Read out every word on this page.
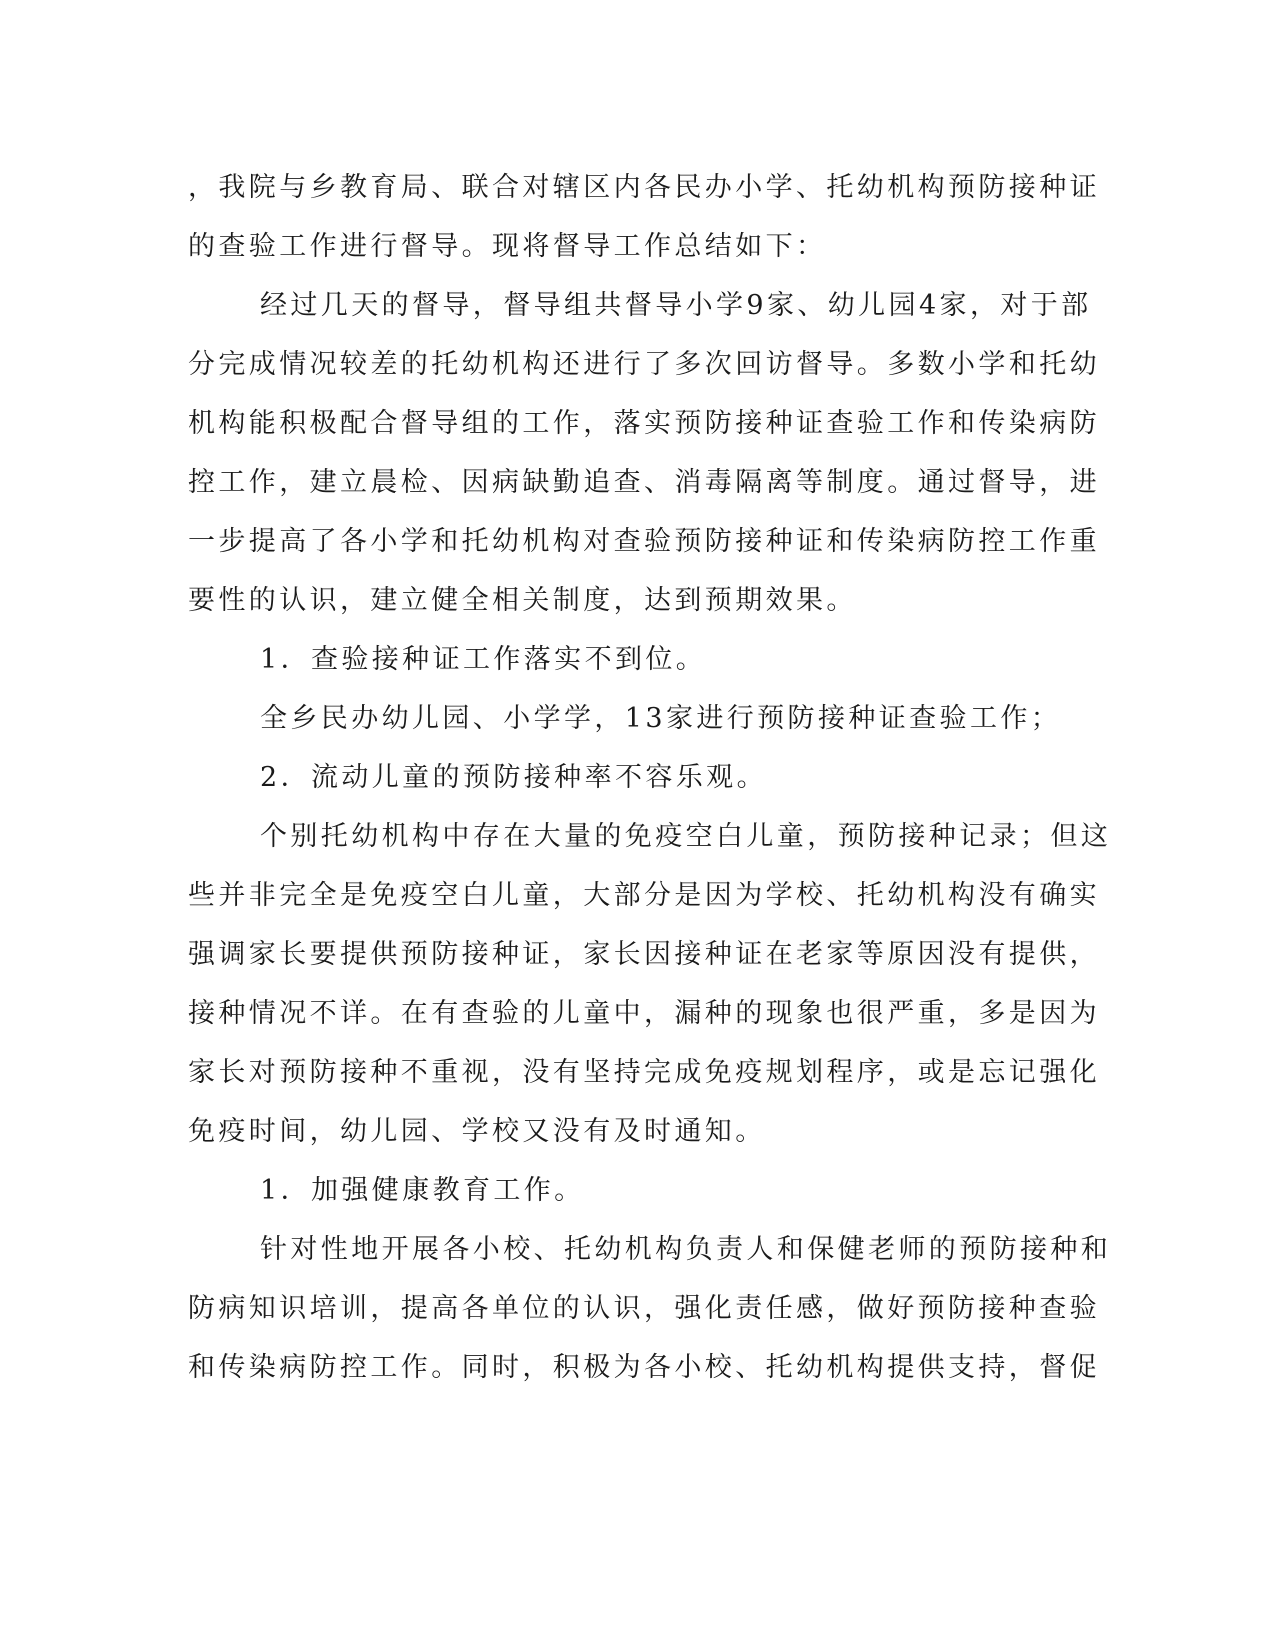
，我院与乡教育局、联合对辖区内各民办小学、托幼机构预防接种证
的查验工作进行督导。现将督导工作总结如下：
经过几天的督导，督导组共督导小学9家、幼儿园4家，对于部
分完成情况较差的托幼机构还进行了多次回访督导。多数小学和托幼
机构能积极配合督导组的工作，落实预防接种证查验工作和传染病防
控工作，建立晨检、因病缺勤追查、消毒隔离等制度。通过督导，进
一步提高了各小学和托幼机构对查验预防接种证和传染病防控工作重
要性的认识，建立健全相关制度，达到预期效果。
1．查验接种证工作落实不到位。
全乡民办幼儿园、小学学，13家进行预防接种证查验工作；
2．流动儿童的预防接种率不容乐观。
个别托幼机构中存在大量的免疫空白儿童，预防接种记录；但这
些并非完全是免疫空白儿童，大部分是因为学校、托幼机构没有确实
强调家长要提供预防接种证，家长因接种证在老家等原因没有提供，
接种情况不详。在有查验的儿童中，漏种的现象也很严重，多是因为
家长对预防接种不重视，没有坚持完成免疫规划程序，或是忘记强化
免疫时间，幼儿园、学校又没有及时通知。
1．加强健康教育工作。
针对性地开展各小校、托幼机构负责人和保健老师的预防接种和
防病知识培训，提高各单位的认识，强化责任感，做好预防接种查验
和传染病防控工作。同时，积极为各小校、托幼机构提供支持，督促
